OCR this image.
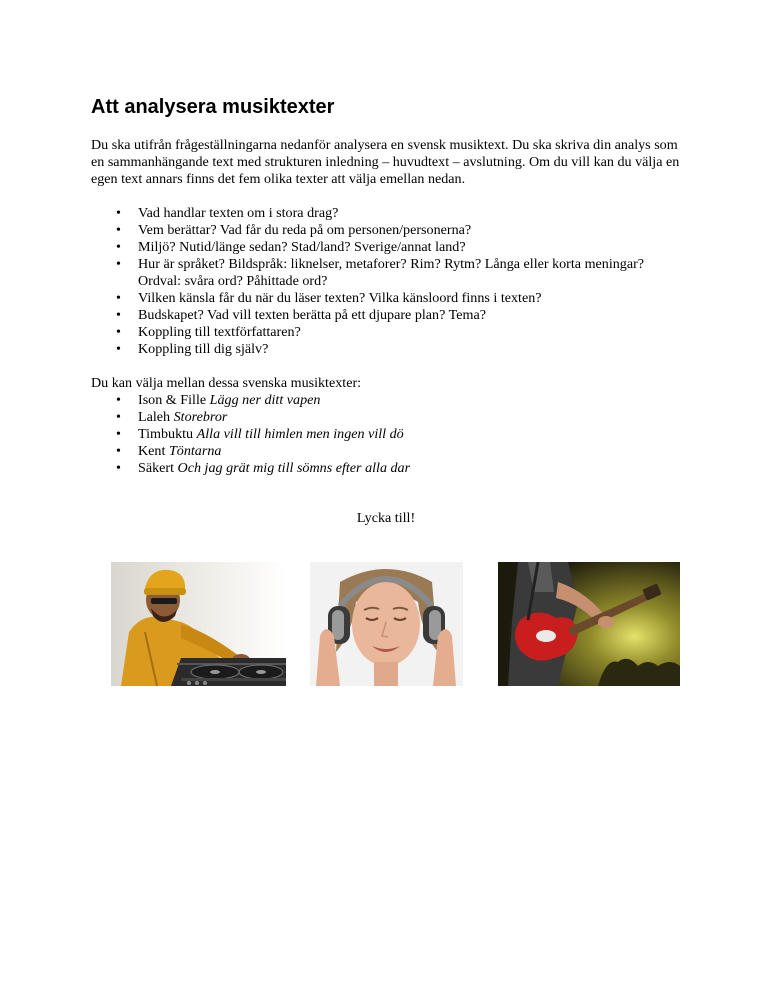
Att analysera musiktexter

Du ska utifrån frågeställningarna nedanför analysera en svensk musiktext. Du ska skriva din analys som en sammanhängande text med strukturen inledning – huvudtext – avslutning. Om du vill kan du välja en egen text annars finns det fem olika texter att välja emellan nedan.

• Vad handlar texten om i stora drag?
• Vem berättar? Vad får du reda på om personen/personerna?
• Miljö? Nutid/länge sedan? Stad/land? Sverige/annat land?
• Hur är språket? Bildspråk: liknelser, metaforer? Rim? Rytm? Långa eller korta meningar? Ordval: svåra ord? Påhittade ord?
• Vilken känsla får du när du läser texten? Vilka känsloord finns i texten?
• Budskapet? Vad vill texten berätta på ett djupare plan? Tema?
• Koppling till textförfattaren?
• Koppling till dig själv?

Du kan välja mellan dessa svenska musiktexter:

• Ison & Fille Lägg ner ditt vapen
• Laleh Storebror
• Timbuktu Alla vill till himlen men ingen vill dö
• Kent Töntarna
• Säkert Och jag grät mig till sömns efter alla dar
Lycka till!
